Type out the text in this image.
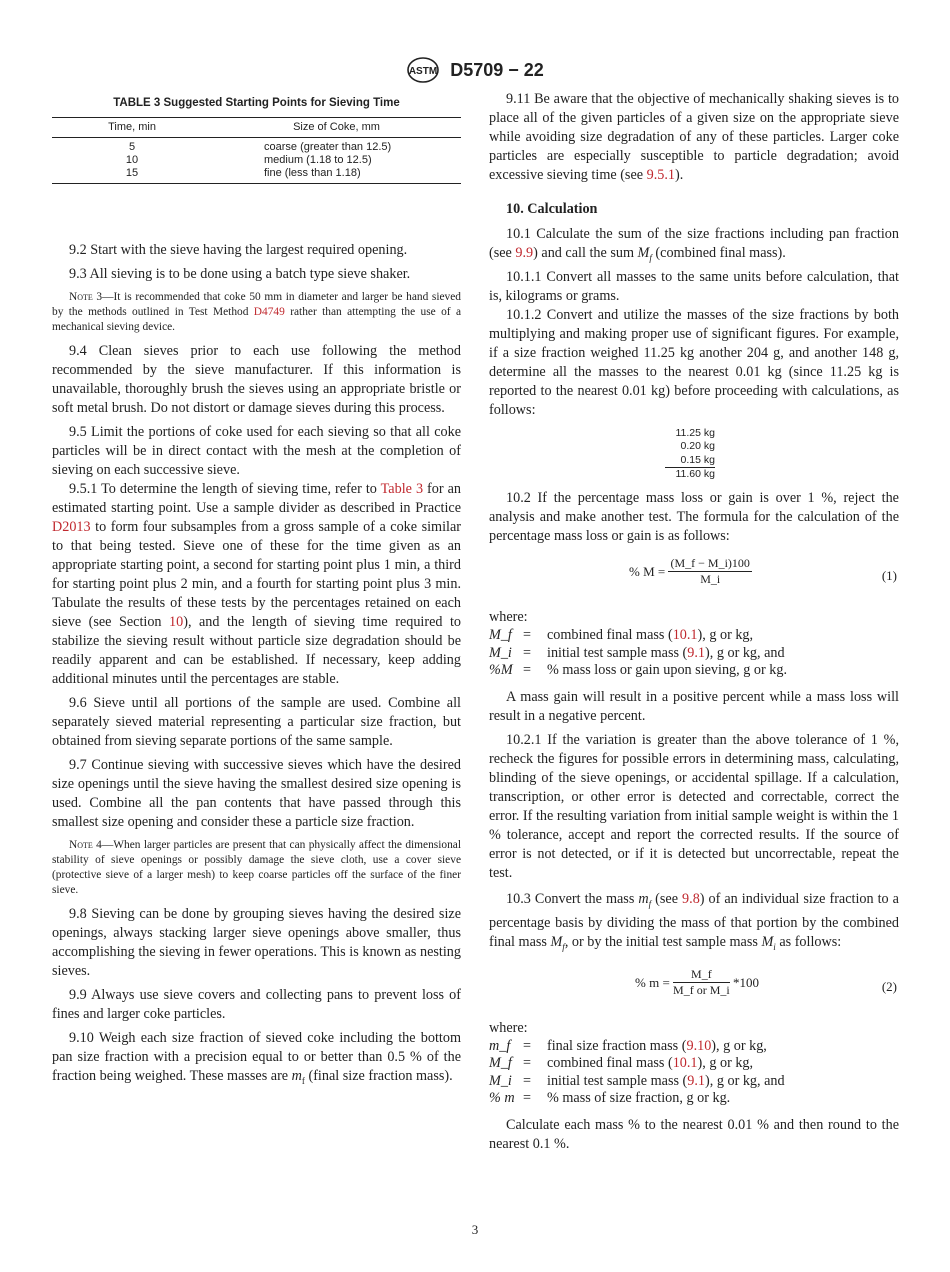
ASTM D5709 − 22
TABLE 3 Suggested Starting Points for Sieving Time
Time, min	Size of Coke, mm
5	coarse (greater than 12.5)
10	medium (1.18 to 12.5)
15	fine (less than 1.18)

9.2 Start with the sieve having the largest required opening.

9.3 All sieving is to be done using a batch type sieve shaker.

Note 3—It is recommended that coke 50 mm in diameter and larger be hand sieved by the methods outlined in Test Method D4749 rather than attempting the use of a mechanical sieving device.

9.4 Clean sieves prior to each use following the method recommended by the sieve manufacturer. If this information is unavailable, thoroughly brush the sieves using an appropriate bristle or soft metal brush. Do not distort or damage sieves during this process.

9.5 Limit the portions of coke used for each sieving so that all coke particles will be in direct contact with the mesh at the completion of sieving on each successive sieve.

9.5.1 To determine the length of sieving time, refer to Table 3 for an estimated starting point. Use a sample divider as described in Practice D2013 to form four subsamples from a gross sample of a coke similar to that being tested. Sieve one of these for the time given as an appropriate starting point, a second for starting point plus 1 min, a third for starting point plus 2 min, and a fourth for starting point plus 3 min. Tabulate the results of these tests by the percentages retained on each sieve (see Section 10), and the length of sieving time required to stabilize the sieving result without particle size degradation should be readily apparent and can be established. If necessary, keep adding additional minutes until the percentages are stable.

9.6 Sieve until all portions of the sample are used. Combine all separately sieved material representing a particular size fraction, but obtained from sieving separate portions of the same sample.

9.7 Continue sieving with successive sieves which have the desired size openings until the sieve having the smallest desired size opening is used. Combine all the pan contents that have passed through this smallest size opening and consider these a particle size fraction.

Note 4—When larger particles are present that can physically affect the dimensional stability of sieve openings or possibly damage the sieve cloth, use a cover sieve (protective sieve of a larger mesh) to keep coarse particles off the surface of the finer sieve.

9.8 Sieving can be done by grouping sieves having the desired size openings, always stacking larger sieve openings above smaller, thus accomplishing the sieving in fewer operations. This is known as nesting sieves.

9.9 Always use sieve covers and collecting pans to prevent loss of fines and larger coke particles.

9.10 Weigh each size fraction of sieved coke including the bottom pan size fraction with a precision equal to or better than 0.5 % of the fraction being weighed. These masses are $m_f$ (final size fraction mass).

9.11 Be aware that the objective of mechanically shaking sieves is to place all of the given particles of a given size on the appropriate sieve while avoiding size degradation of any of these particles. Larger coke particles are especially susceptible to particle degradation; avoid excessive sieving time (see 9.5.1).

10. Calculation

10.1 Calculate the sum of the size fractions including pan fraction (see 9.9) and call the sum $M_f$ (combined final mass).

10.1.1 Convert all masses to the same units before calculation, that is, kilograms or grams.

10.1.2 Convert and utilize the masses of the size fractions by both multiplying and making proper use of significant figures. For example, if a size fraction weighed 11.25 kg another 204 g, and another 148 g, determine all the masses to the nearest 0.01 kg (since 11.25 kg is reported to the nearest 0.01 kg) before proceeding with calculations, as follows:

11.25 kg
0.20 kg
0.15 kg
11.60 kg

10.2 If the percentage mass loss or gain is over 1 %, reject the analysis and make another test. The formula for the calculation of the percentage mass loss or gain is as follows:

% $M = \frac{(M\_f - M\_i)100}{M\_i}$	(1)

where:

M_f	=	combined final mass (10.1), g or kg,
M_i	=	initial test sample mass (9.1), g or kg, and
%M	=	% mass loss or gain upon sieving, g or kg.

A mass gain will result in a positive percent while a mass loss will result in a negative percent.

10.2.1 If the variation is greater than the above tolerance of 1 %, recheck the figures for possible errors in determining mass, calculating, blinding of the sieve openings, or accidental spillage. If a calculation, transcription, or other error is detected and correctable, correct the error. If the resulting variation from initial sample weight is within the 1 % tolerance, accept and report the corrected results. If the source of error is not detected, or if it is detected but uncorrectable, repeat the test.

10.3 Convert the mass $m_f$ (see 9.8) of an individual size fraction to a percentage basis by dividing the mass of that portion by the combined final mass $M_f$, or by the initial test sample mass $M_i$ as follows:

% $m = \frac{M\_f}{\text{M\_f or M\_i}} *100$	(2)

where:

m_f	=	final size fraction mass (9.10), g or kg,
M_f	=	combined final mass (10.1), g or kg,
M_i	=	initial test sample mass (9.1), g or kg, and
% m	=	% mass of size fraction, g or kg.

Calculate each mass % to the nearest 0.01 % and then round to the nearest 0.1 %.

3
